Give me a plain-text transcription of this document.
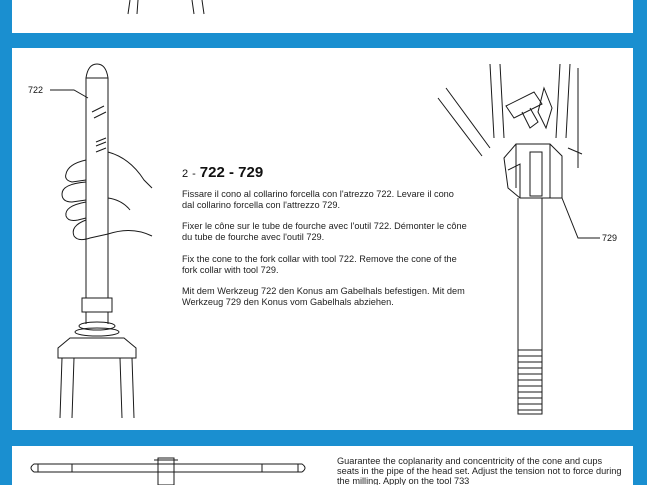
722
2 - 722 - 729

Fissare il cono al collarino forcella con l'atrezzo 722. Levare il cono dal collarino forcella con l'attrezzo 729.

Fixer le cône sur le tube de fourche avec l'outil 722. Démonter le cône du tube de fourche avec l'outil 729.

Fix the cone to the fork collar with tool 722. Remove the cone of the fork collar with tool 729.

Mit dem Werkzeug 722 den Konus am Gabelhals befestigen. Mit dem Werkzeug 729 den Konus vom Gabelhals abziehen.

729

Guarantee the coplanarity and concentricity of the cone and cups seats in the pipe of the head set. Adjust the tension not to force during the milling. Apply on the tool 733
